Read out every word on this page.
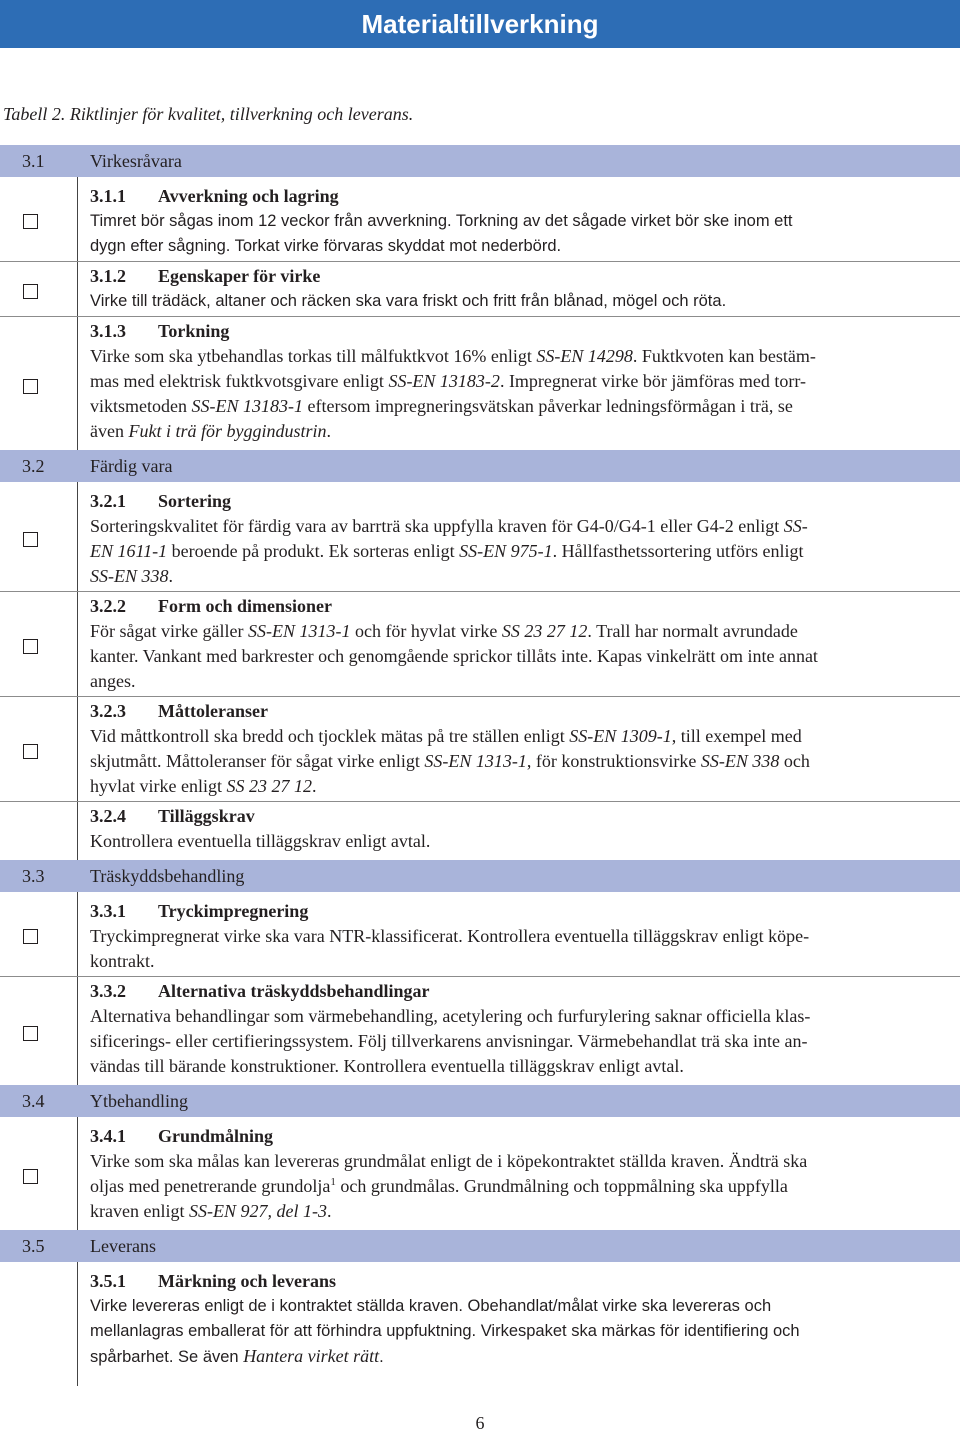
Materialtillverkning
Tabell 2. Riktlinjer för kvalitet, tillverkning och leverans.
3.1	Virkesråvara
3.1.1 Avverkning och lagring
Timret bör sågas inom 12 veckor från avverkning. Torkning av det sågade virket bör ske inom ett
dygn efter sågning. Torkat virke förvaras skyddat mot nederbörd.
3.1.2 Egenskaper för virke
Virke till trädäck, altaner och räcken ska vara friskt och fritt från blånad, mögel och röta.
3.1.3 Torkning
Virke som ska ytbehandlas torkas till målfuktkvot 16% enligt SS-EN 14298. Fuktkvoten kan bestäm-
mas med elektrisk fuktkvotsgivare enligt SS-EN 13183-2. Impregnerat virke bör jämföras med torr-
viktsmetoden SS-EN 13183-1 eftersom impregneringsvätskan påverkar ledningsförmågan i trä, se
även Fukt i trä för byggindustrin.
3.2	Färdig vara
3.2.1 Sortering
Sorteringskvalitet för färdig vara av barrträ ska uppfylla kraven för G4-0/G4-1 eller G4-2 enligt SS-
EN 1611-1 beroende på produkt. Ek sorteras enligt SS-EN 975-1. Hållfasthetssortering utförs enligt
SS-EN 338.
3.2.2 Form och dimensioner
För sågat virke gäller SS-EN 1313-1 och för hyvlat virke SS 23 27 12. Trall har normalt avrundade
kanter. Vankant med barkrester och genomgående sprickor tillåts inte. Kapas vinkelrätt om inte annat
anges.
3.2.3 Måttoleranser
Vid måttkontroll ska bredd och tjocklek mätas på tre ställen enligt SS-EN 1309-1, till exempel med
skjutmått. Måttoleranser för sågat virke enligt SS-EN 1313-1, för konstruktionsvirke SS-EN 338 och
hyvlat virke enligt SS 23 27 12.
3.2.4 Tilläggskrav
Kontrollera eventuella tilläggskrav enligt avtal.
3.3	Träskyddsbehandling
3.3.1 Tryckimpregnering
Tryckimpregnerat virke ska vara NTR-klassificerat. Kontrollera eventuella tilläggskrav enligt köpe-
kontrakt.
3.3.2 Alternativa träskyddsbehandlingar
Alternativa behandlingar som värmebehandling, acetylering och furfurylering saknar officiella klas-
sificerings- eller certifieringssystem. Följ tillverkarens anvisningar. Värmebehandlat trä ska inte an-
vändas till bärande konstruktioner. Kontrollera eventuella tilläggskrav enligt avtal.
3.4	Ytbehandling
3.4.1 Grundmålning
Virke som ska målas kan levereras grundmålat enligt de i köpekontraktet ställda kraven. Ändträ ska
oljas med penetrerande grundolja$^1$ och grundmålas. Grundmålning och toppmålning ska uppfylla
kraven enligt SS-EN 927, del 1-3.
3.5	Leverans
3.5.1 Märkning och leverans
Virke levereras enligt de i kontraktet ställda kraven. Obehandlat/målat virke ska levereras och
mellanlagras emballerat för att förhindra uppfuktning. Virkespaket ska märkas för identifiering och
spårbarhet. Se även Hantera virket rätt.
6
